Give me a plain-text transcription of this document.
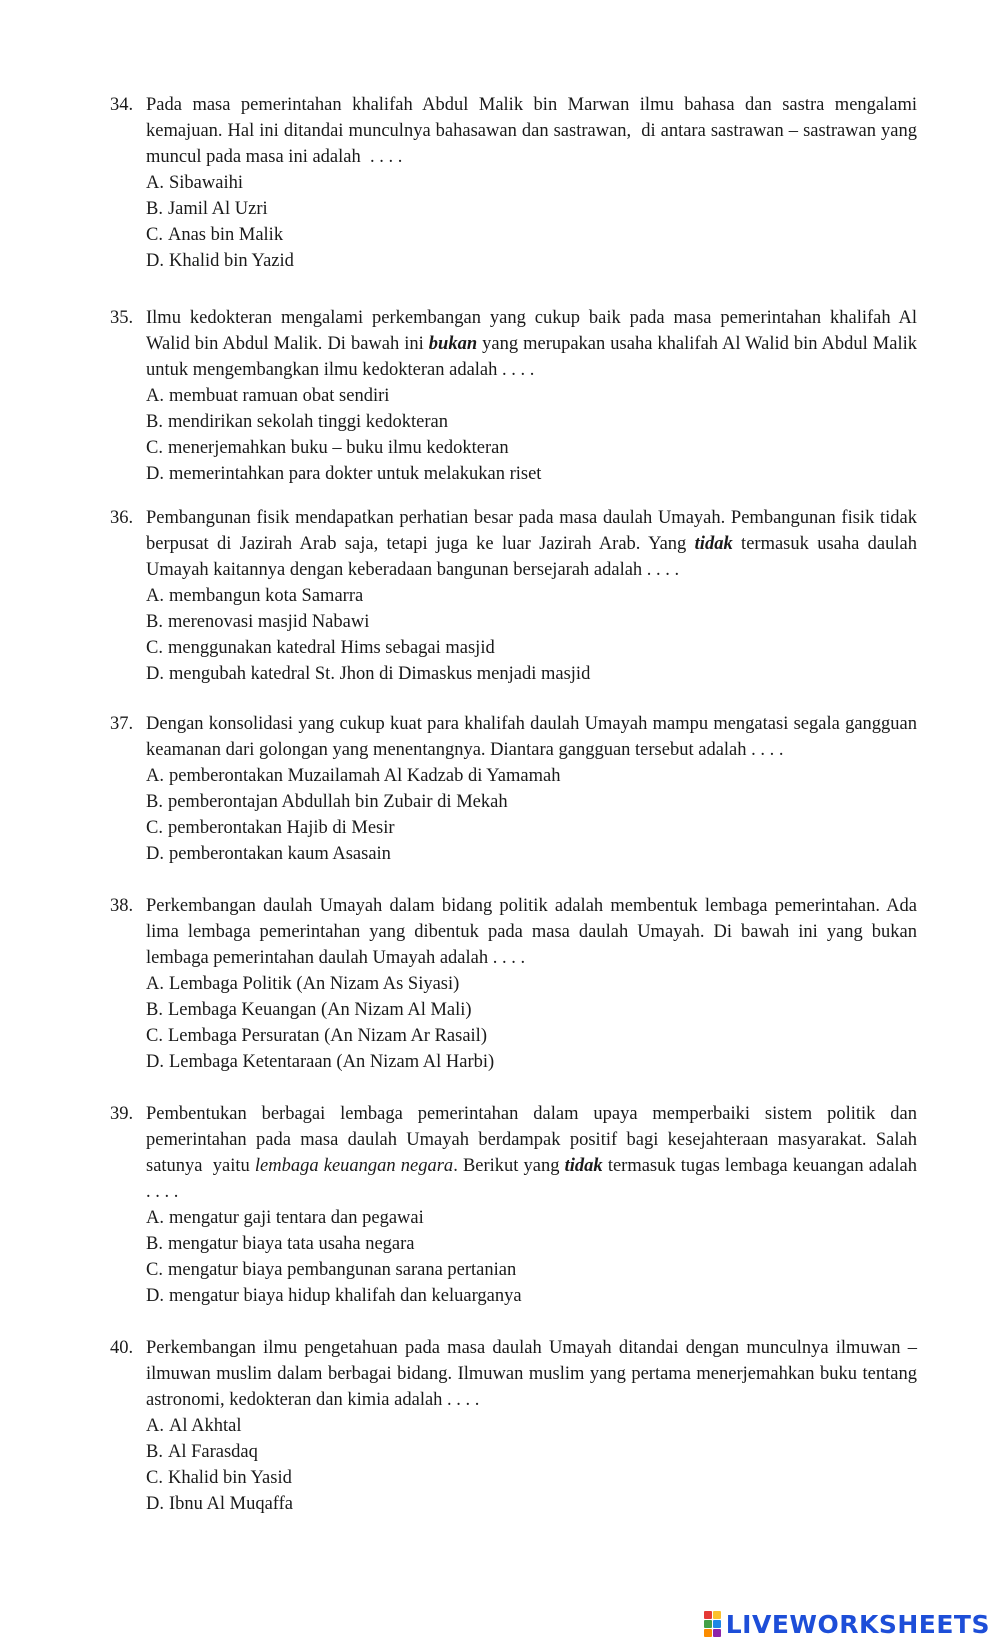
34. Pada masa pemerintahan khalifah Abdul Malik bin Marwan ilmu bahasa dan sastra mengalami kemajuan. Hal ini ditandai munculnya bahasawan dan sastrawan,  di antara sastrawan – sastrawan yang muncul pada masa ini adalah  . . . .
A. Sibawaihi
B. Jamil Al Uzri
C. Anas bin Malik
D. Khalid bin Yazid
35. Ilmu kedokteran mengalami perkembangan yang cukup baik pada masa pemerintahan khalifah Al Walid bin Abdul Malik. Di bawah ini bukan yang merupakan usaha khalifah Al Walid bin Abdul Malik untuk mengembangkan ilmu kedokteran adalah . . . .
A. membuat ramuan obat sendiri
B. mendirikan sekolah tinggi kedokteran
C. menerjemahkan buku – buku ilmu kedokteran
D. memerintahkan para dokter untuk melakukan riset
36. Pembangunan fisik mendapatkan perhatian besar pada masa daulah Umayah. Pembangunan fisik tidak berpusat di Jazirah Arab saja, tetapi juga ke luar Jazirah Arab. Yang tidak termasuk usaha daulah Umayah kaitannya dengan keberadaan bangunan bersejarah adalah . . . .
A. membangun kota Samarra
B. merenovasi masjid Nabawi
C. menggunakan katedral Hims sebagai masjid
D. mengubah katedral St. Jhon di Dimaskus menjadi masjid
37. Dengan konsolidasi yang cukup kuat para khalifah daulah Umayah mampu mengatasi segala gangguan keamanan dari golongan yang menentangnya. Diantara gangguan tersebut adalah . . . .
A. pemberontakan Muzailamah Al Kadzab di Yamamah
B. pemberontajan Abdullah bin Zubair di Mekah
C. pemberontakan Hajib di Mesir
D. pemberontakan kaum Asasain
38. Perkembangan daulah Umayah dalam bidang politik adalah membentuk lembaga pemerintahan. Ada lima lembaga pemerintahan yang dibentuk pada masa daulah Umayah. Di bawah ini yang bukan lembaga pemerintahan daulah Umayah adalah . . . .
A. Lembaga Politik (An Nizam As Siyasi)
B. Lembaga Keuangan (An Nizam Al Mali)
C. Lembaga Persuratan (An Nizam Ar Rasail)
D. Lembaga Ketentaraan (An Nizam Al Harbi)
39. Pembentukan berbagai lembaga pemerintahan dalam upaya memperbaiki sistem politik dan pemerintahan pada masa daulah Umayah berdampak positif bagi kesejahteraan masyarakat. Salah satunya  yaitu lembaga keuangan negara. Berikut yang tidak termasuk tugas lembaga keuangan adalah . . . .
A. mengatur gaji tentara dan pegawai
B. mengatur biaya tata usaha negara
C. mengatur biaya pembangunan sarana pertanian
D. mengatur biaya hidup khalifah dan keluarganya
40. Perkembangan ilmu pengetahuan pada masa daulah Umayah ditandai dengan munculnya ilmuwan – ilmuwan muslim dalam berbagai bidang. Ilmuwan muslim yang pertama menerjemahkan buku tentang astronomi, kedokteran dan kimia adalah . . . .
A. Al Akhtal
B. Al Farasdaq
C. Khalid bin Yasid
D. Ibnu Al Muqaffa
LIVEWORKSHEETS
